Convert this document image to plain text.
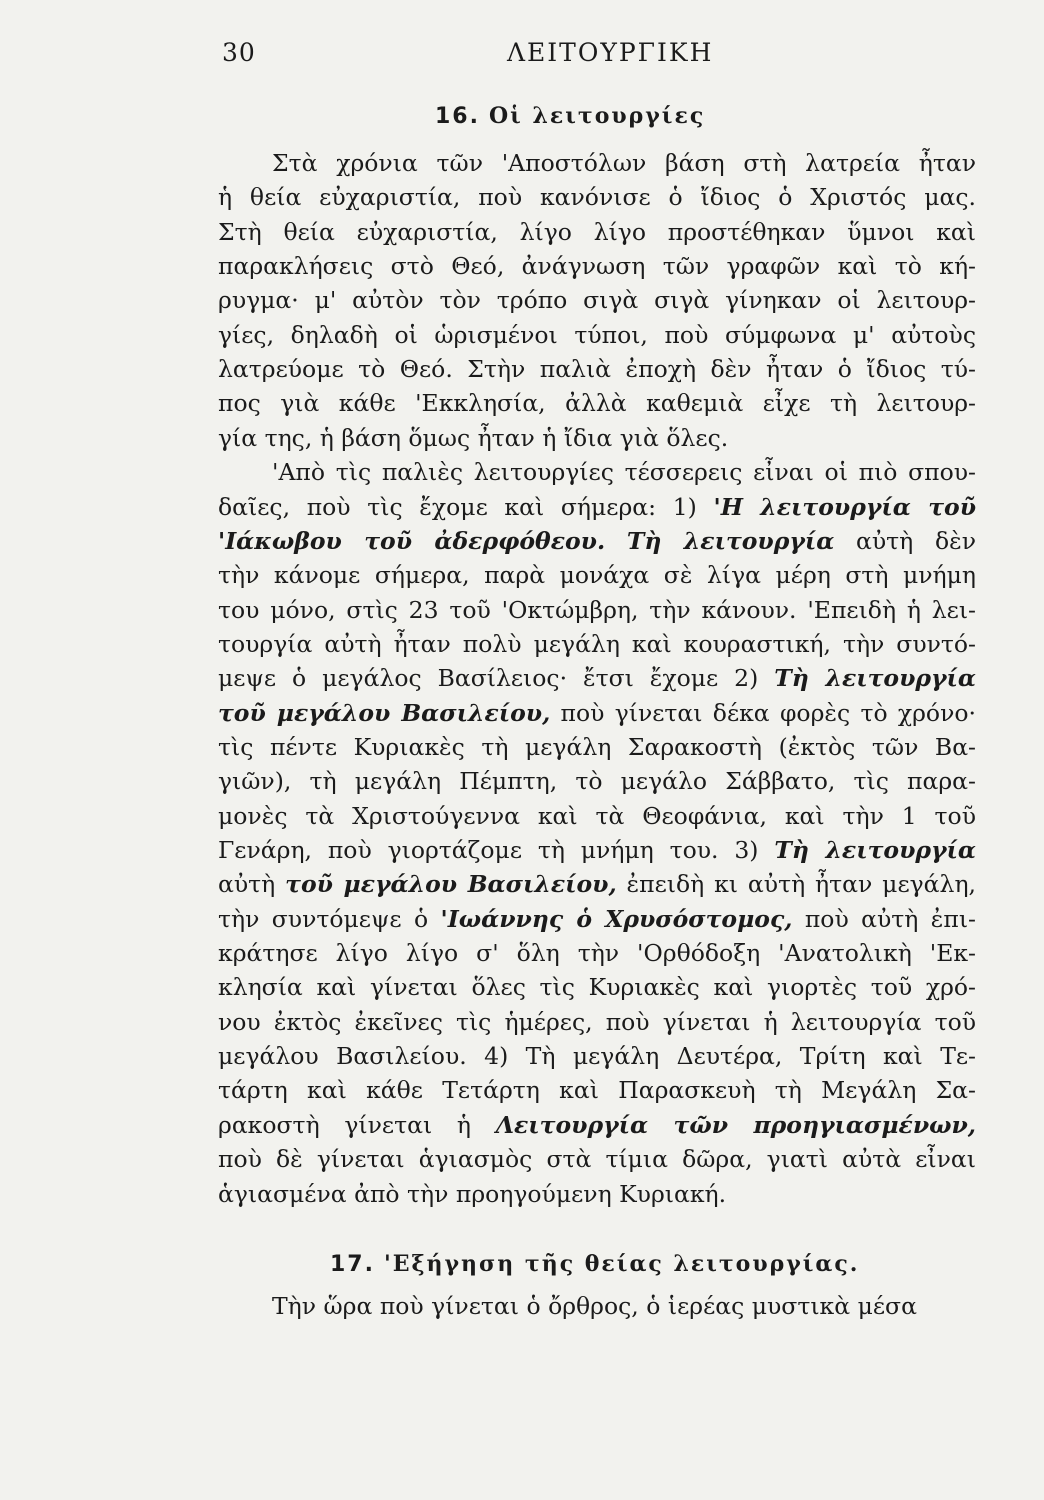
30	ΛΕΙΤΟΥΡΓΙΚΗ
16. Οἱ λειτουργίες
Στὰ χρόνια τῶν 'Αποστόλων βάση στὴ λατρεία ἦταν
ἡ θεία εὐχαριστία, ποὺ κανόνισε ὁ ἴδιος ὁ Χριστός μας.
Στὴ θεία εὐχαριστία, λίγο λίγο προστέθηκαν ὕμνοι καὶ
παρακλήσεις στὸ Θεό, ἀνάγνωση τῶν γραφῶν καὶ τὸ κή-
ρυγμα· μ' αὐτὸν τὸν τρόπο σιγὰ σιγὰ γίνηκαν οἱ λειτουρ-
γίες, δηλαδὴ οἱ ὡρισμένοι τύποι, ποὺ σύμφωνα μ' αὐτοὺς
λατρεύομε τὸ Θεό. Στὴν παλιὰ ἐποχὴ δὲν ἦταν ὁ ἴδιος τύ-
πος γιὰ κάθε 'Εκκλησία, ἀλλὰ καθεμιὰ εἶχε τὴ λειτουρ-
γία της, ἡ βάση ὅμως ἦταν ἡ ἴδια γιὰ ὅλες.
'Απὸ τὶς παλιὲς λειτουργίες τέσσερεις εἶναι οἱ πιὸ σπου-
δαῖες, ποὺ τὶς ἔχομε καὶ σήμερα: 1) 'Η λειτουργία τοῦ
'Ιάκωβου τοῦ ἀδερφόθεου. Τὴ λειτουργία αὐτὴ δὲν
τὴν κάνομε σήμερα, παρὰ μονάχα σὲ λίγα μέρη στὴ μνήμη
του μόνο, στὶς 23 τοῦ 'Οκτώμβρη, τὴν κάνουν. 'Επειδὴ ἡ λει-
τουργία αὐτὴ ἦταν πολὺ μεγάλη καὶ κουραστική, τὴν συντό-
μεψε ὁ μεγάλος Βασίλειος· ἔτσι ἔχομε 2) Τὴ λειτουργία
τοῦ μεγάλου Βασιλείου, ποὺ γίνεται δέκα φορὲς τὸ χρόνο·
τὶς πέντε Κυριακὲς τὴ μεγάλη Σαρακοστὴ (ἐκτὸς τῶν Βα-
γιῶν), τὴ μεγάλη Πέμπτη, τὸ μεγάλο Σάββατο, τὶς παρα-
μονὲς τὰ Χριστούγεννα καὶ τὰ Θεοφάνια, καὶ τὴν 1 τοῦ
Γενάρη, ποὺ γιορτάζομε τὴ μνήμη του. 3) Τὴ λειτουργία
αὐτὴ τοῦ μεγάλου Βασιλείου, ἐπειδὴ κι αὐτὴ ἦταν μεγάλη,
τὴν συντόμεψε ὁ 'Ιωάννης ὁ Χρυσόστομος, ποὺ αὐτὴ ἐπι-
κράτησε λίγο λίγο σ' ὅλη τὴν 'Ορθόδοξη 'Ανατολικὴ 'Εκ-
κλησία καὶ γίνεται ὅλες τὶς Κυριακὲς καὶ γιορτὲς τοῦ χρό-
νου ἐκτὸς ἐκεῖνες τὶς ἡμέρες, ποὺ γίνεται ἡ λειτουργία τοῦ
μεγάλου Βασιλείου. 4) Τὴ μεγάλη Δευτέρα, Τρίτη καὶ Τε-
τάρτη καὶ κάθε Τετάρτη καὶ Παρασκευὴ τὴ Μεγάλη Σα-
ρακοστὴ γίνεται ἡ Λειτουργία τῶν προηγιασμένων,
ποὺ δὲ γίνεται ἁγιασμὸς στὰ τίμια δῶρα, γιατὶ αὐτὰ εἶναι
ἁγιασμένα ἀπὸ τὴν προηγούμενη Κυριακή.
17. 'Εξήγηση τῆς θείας λειτουργίας.
Τὴν ὥρα ποὺ γίνεται ὁ ὄρθρος, ὁ ἱερέας μυστικὰ μέσα
